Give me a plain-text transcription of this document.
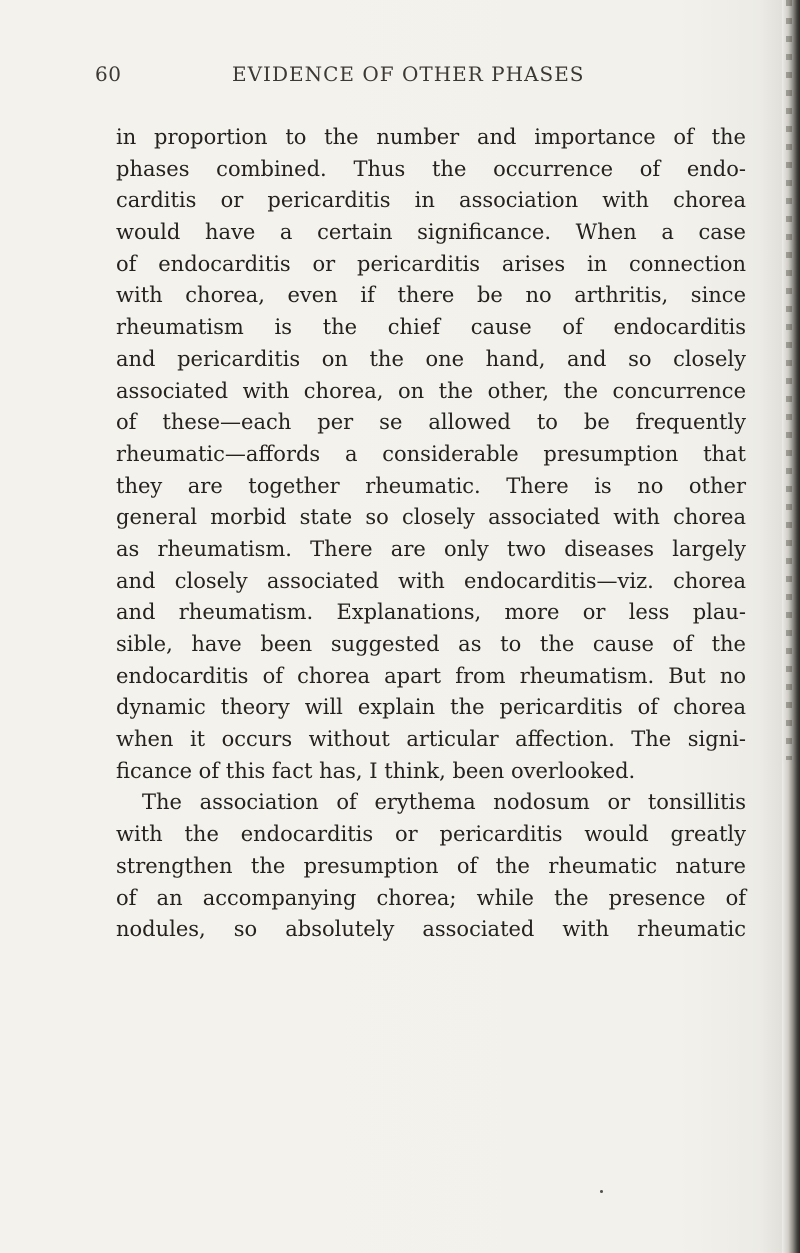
60	EVIDENCE OF OTHER PHASES
in proportion to the number and importance of the
phases combined. Thus the occurrence of endo-
carditis or pericarditis in association with chorea
would have a certain significance. When a case
of endocarditis or pericarditis arises in connection
with chorea, even if there be no arthritis, since
rheumatism is the chief cause of endocarditis
and pericarditis on the one hand, and so closely
associated with chorea, on the other, the concurrence
of these—each per se allowed to be frequently
rheumatic—affords a considerable presumption that
they are together rheumatic. There is no other
general morbid state so closely associated with chorea
as rheumatism. There are only two diseases largely
and closely associated with endocarditis—viz. chorea
and rheumatism. Explanations, more or less plau-
sible, have been suggested as to the cause of the
endocarditis of chorea apart from rheumatism. But no
dynamic theory will explain the pericarditis of chorea
when it occurs without articular affection. The signi-
ficance of this fact has, I think, been overlooked.
The association of erythema nodosum or tonsillitis
with the endocarditis or pericarditis would greatly
strengthen the presumption of the rheumatic nature
of an accompanying chorea; while the presence of
nodules, so absolutely associated with rheumatic
